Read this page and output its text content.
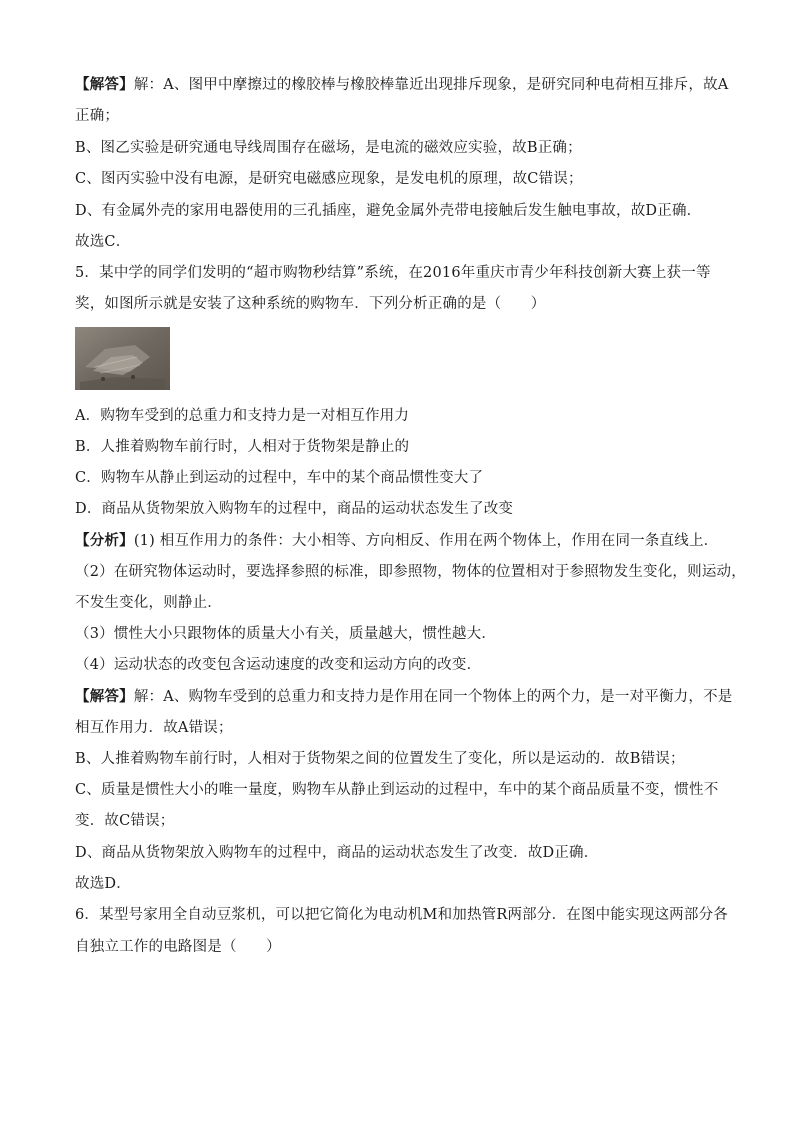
【解答】解：A、图甲中摩擦过的橡胶棒与橡胶棒靠近出现排斥现象，是研究同种电荷相互排斥，故A
正确；
B、图乙实验是研究通电导线周围存在磁场，是电流的磁效应实验，故B正确；
C、图丙实验中没有电源，是研究电磁感应现象，是发电机的原理，故C错误；
D、有金属外壳的家用电器使用的三孔插座，避免金属外壳带电接触后发生触电事故，故D正确．
故选C．
5．某中学的同学们发明的“超市购物秒结算”系统，在2016年重庆市青少年科技创新大赛上获一等
奖，如图所示就是安装了这种系统的购物车．下列分析正确的是（　　）
A．购物车受到的总重力和支持力是一对相互作用力
B．人推着购物车前行时，人相对于货物架是静止的
C．购物车从静止到运动的过程中，车中的某个商品惯性变大了
D．商品从货物架放入购物车的过程中，商品的运动状态发生了改变
【分析】(1) 相互作用力的条件：大小相等、方向相反、作用在两个物体上，作用在同一条直线上．
（2）在研究物体运动时，要选择参照的标准，即参照物，物体的位置相对于参照物发生变化，则运动，
不发生变化，则静止．
（3）惯性大小只跟物体的质量大小有关，质量越大，惯性越大．
（4）运动状态的改变包含运动速度的改变和运动方向的改变．
【解答】解：A、购物车受到的总重力和支持力是作用在同一个物体上的两个力，是一对平衡力，不是
相互作用力．故A错误；
B、人推着购物车前行时，人相对于货物架之间的位置发生了变化，所以是运动的．故B错误；
C、质量是惯性大小的唯一量度，购物车从静止到运动的过程中，车中的某个商品质量不变，惯性不
变．故C错误；
D、商品从货物架放入购物车的过程中，商品的运动状态发生了改变．故D正确．
故选D．
6．某型号家用全自动豆浆机，可以把它简化为电动机M和加热管R两部分．在图中能实现这两部分各
自独立工作的电路图是（　　）
